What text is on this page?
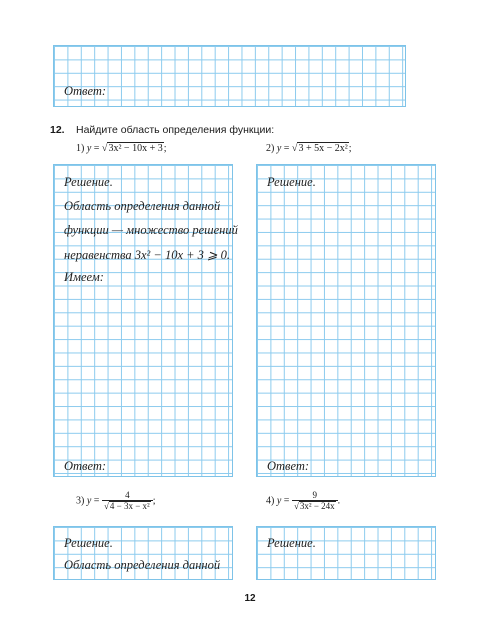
Ответ:
12. Найдите область определения функции:
1) y = √3x² − 10x + 3;	2) y = √3 + 5x − 2x²;
Решение.
Область определения данной
функции — множество решений
неравенства 3x² − 10x + 3 ⩾ 0.
Имеем:
Ответ:
Решение.
Ответ:
3) $y = \frac{4}{\text{√4 − 3x − x²}}$ ;	4) $y = \frac{9}{\text{√3x² − 24x}}$ .
Решение.
Область определения данной
Решение.
12
